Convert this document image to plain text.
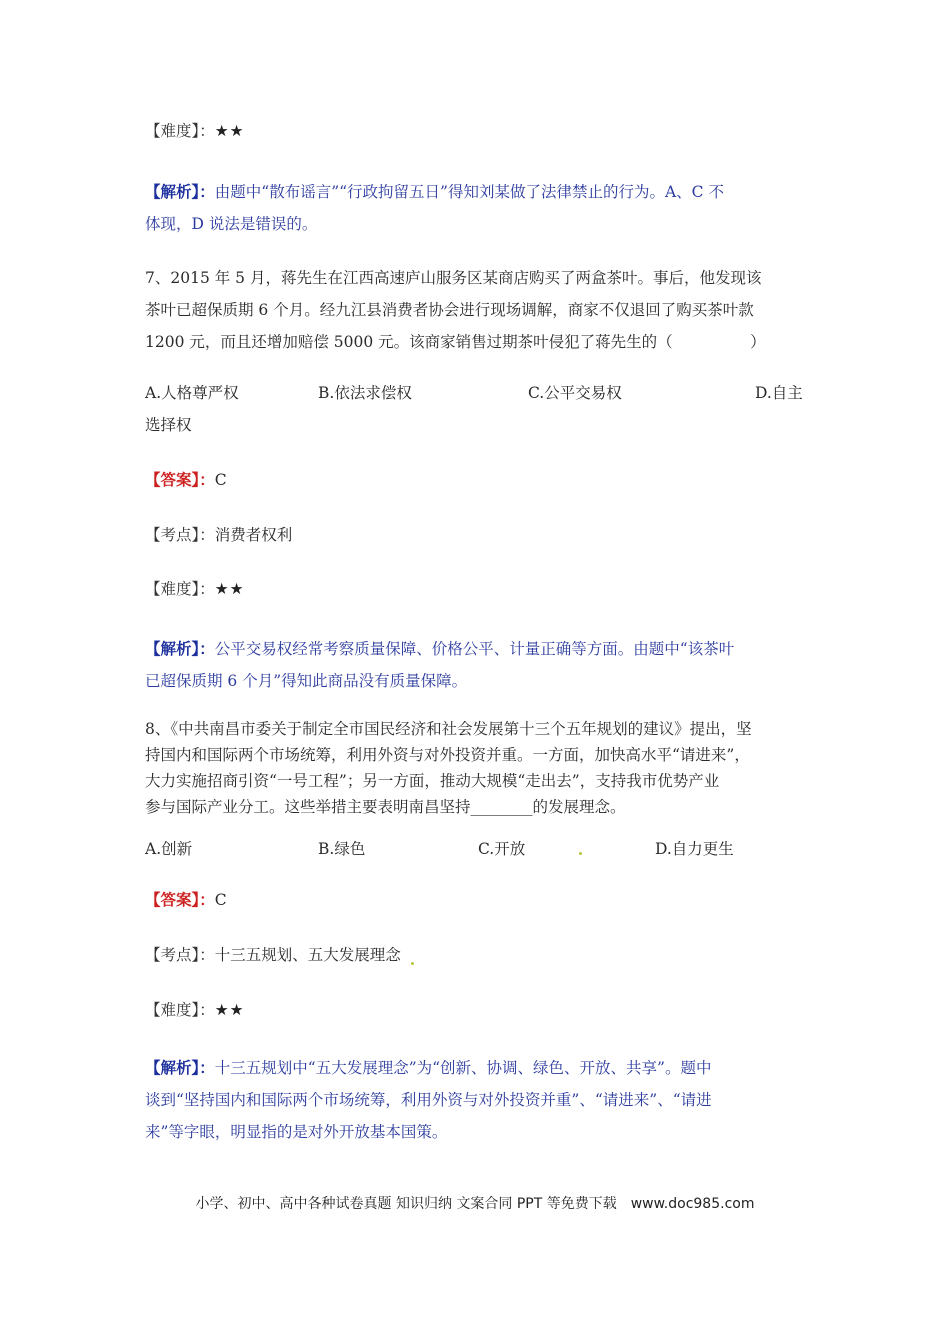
【难度】：★★

【解析】：由题中“散布谣言”“行政拘留五日”得知刘某做了法律禁止的行为。A、C 不

体现，D 说法是错误的。

7、2015 年 5 月，蒋先生在江西高速庐山服务区某商店购买了两盒茶叶。事后，他发现该

茶叶已超保质期 6 个月。经九江县消费者协会进行现场调解，商家不仅退回了购买茶叶款

1200 元，而且还增加赔偿 5000 元。该商家销售过期茶叶侵犯了蒋先生的（　　　　　）

A.人格尊严权	B.依法求偿权	C.公平交易权	D.自主
选择权
【答案】：C
【考点】：消费者权利
【难度】：★★

【解析】：公平交易权经常考察质量保障、价格公平、计量正确等方面。由题中“该茶叶

已超保质期 6 个月”得知此商品没有质量保障。

8、《中共南昌市委关于制定全市国民经济和社会发展第十三个五年规划的建议》提出，坚

持国内和国际两个市场统筹，利用外资与对外投资并重。一方面，加快高水平“请进来”，

大力实施招商引资“一号工程”；另一方面，推动大规模“走出去”，支持我市优势产业

参与国际产业分工。这些举措主要表明南昌坚持________的发展理念。

A.创新	B.绿色	C.开放	D.自力更生
【答案】：C
【考点】：十三五规划、五大发展理念
【难度】：★★

【解析】：十三五规划中“五大发展理念”为“创新、协调、绿色、开放、共享”。题中

谈到“坚持国内和国际两个市场统筹，利用外资与对外投资并重”、“请进来”、“请进

来”等字眼，明显指的是对外开放基本国策。

小学、初中、高中各种试卷真题 知识归纳 文案合同 PPT 等免费下载　www.doc985.com
